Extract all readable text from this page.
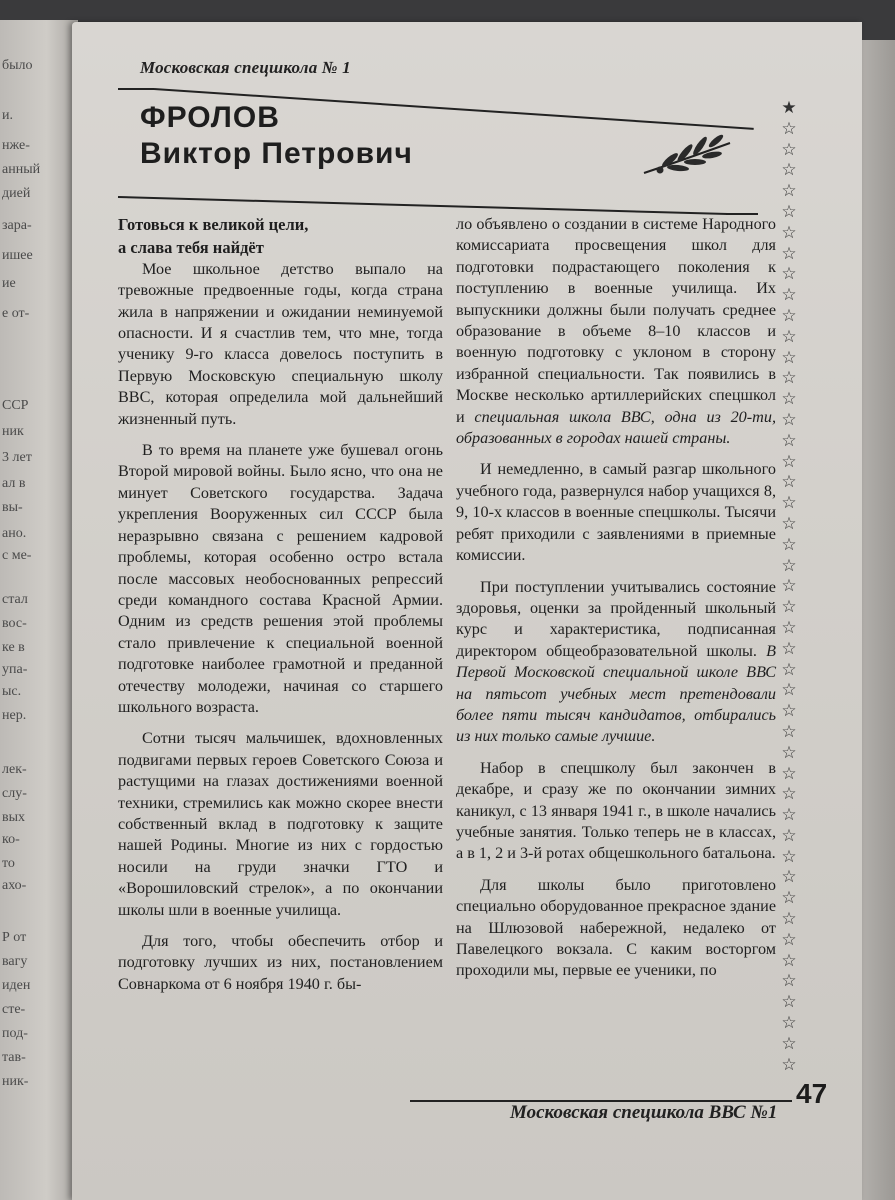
было
и.
нже-
анный
дией
зара-
ишее
ие
е от-
ССР
ник
3 лет
ал в
вы-
ано.
с ме-
стал
вос-
ке в
упа-
ыс.
нер.
лек-
слу-
вых
ко-
то
ахо-
Р от
вагу
иден
сте-
под-
тав-
ник-
Московская спецшкола № 1
ФРОЛОВ
Виктор Петрович
★
☆
☆
☆
☆
☆
☆
☆
☆
☆
☆
☆
☆
☆
☆
☆
☆
☆
☆
☆
☆
☆
☆
☆
☆
☆
☆
☆
☆
☆
☆
☆
☆
☆
☆
☆
☆
☆
☆
☆
☆
☆
☆
☆
☆
☆
☆

Готовься к великой цели,

а слава тебя найдёт

Мое школьное детство выпало на тревожные предвоенные годы, когда страна жила в напряжении и ожидании неминуемой опасности. И я счастлив тем, что мне, тогда ученику 9-го класса довелось поступить в Первую Московскую специальную школу ВВС, которая определила мой дальнейший жизненный путь.

В то время на планете уже бушевал огонь Второй мировой войны. Было ясно, что она не минует Советского государства. Задача укрепления Вооруженных сил СССР была неразрывно связана с решением кадровой проблемы, которая особенно остро встала после массовых необоснованных репрессий среди командного состава Красной Армии. Одним из средств решения этой проблемы стало привлечение к специальной военной подготовке наиболее грамотной и преданной отечеству молодежи, начиная со старшего школьного возраста.

Сотни тысяч мальчишек, вдохновленных подвигами первых героев Советского Союза и растущими на глазах достижениями военной техники, стремились как можно скорее внести собственный вклад в подготовку к защите нашей Родины. Многие из них с гордостью носили на груди значки ГТО и «Ворошиловский стрелок», а по окончании школы шли в военные училища.

Для того, чтобы обеспечить отбор и подготовку лучших из них, постановлением Совнаркома от 6 ноября 1940 г. бы-

ло объявлено о создании в системе Народного комиссариата просвещения школ для подготовки подрастающего поколения к поступлению в военные училища. Их выпускники должны были получать среднее образование в объеме 8–10 классов и военную подготовку с уклоном в сторону избранной специальности. Так появились в Москве несколько артиллерийских спецшкол и специальная школа ВВС, одна из 20-ти, образованных в городах нашей страны.

И немедленно, в самый разгар школьного учебного года, развернулся набор учащихся 8, 9, 10-х классов в военные спецшколы. Тысячи ребят приходили с заявлениями в приемные комиссии.

При поступлении учитывались состояние здоровья, оценки за пройденный школьный курс и характеристика, подписанная директором общеобразовательной школы. В Первой Московской специальной школе ВВС на пятьсот учебных мест претендовали более пяти тысяч кандидатов, отбирались из них только самые лучшие.

Набор в спецшколу был закончен в декабре, и сразу же по окончании зимних каникул, с 13 января 1941 г., в школе начались учебные занятия. Только теперь не в классах, а в 1, 2 и 3-й ротах общешкольного батальона.

Для школы было приготовлено специально оборудованное прекрасное здание на Шлюзовой набережной, недалеко от Павелецкого вокзала. С каким восторгом проходили мы, первые ее ученики, по

Московская спецшкола ВВС №1
47
